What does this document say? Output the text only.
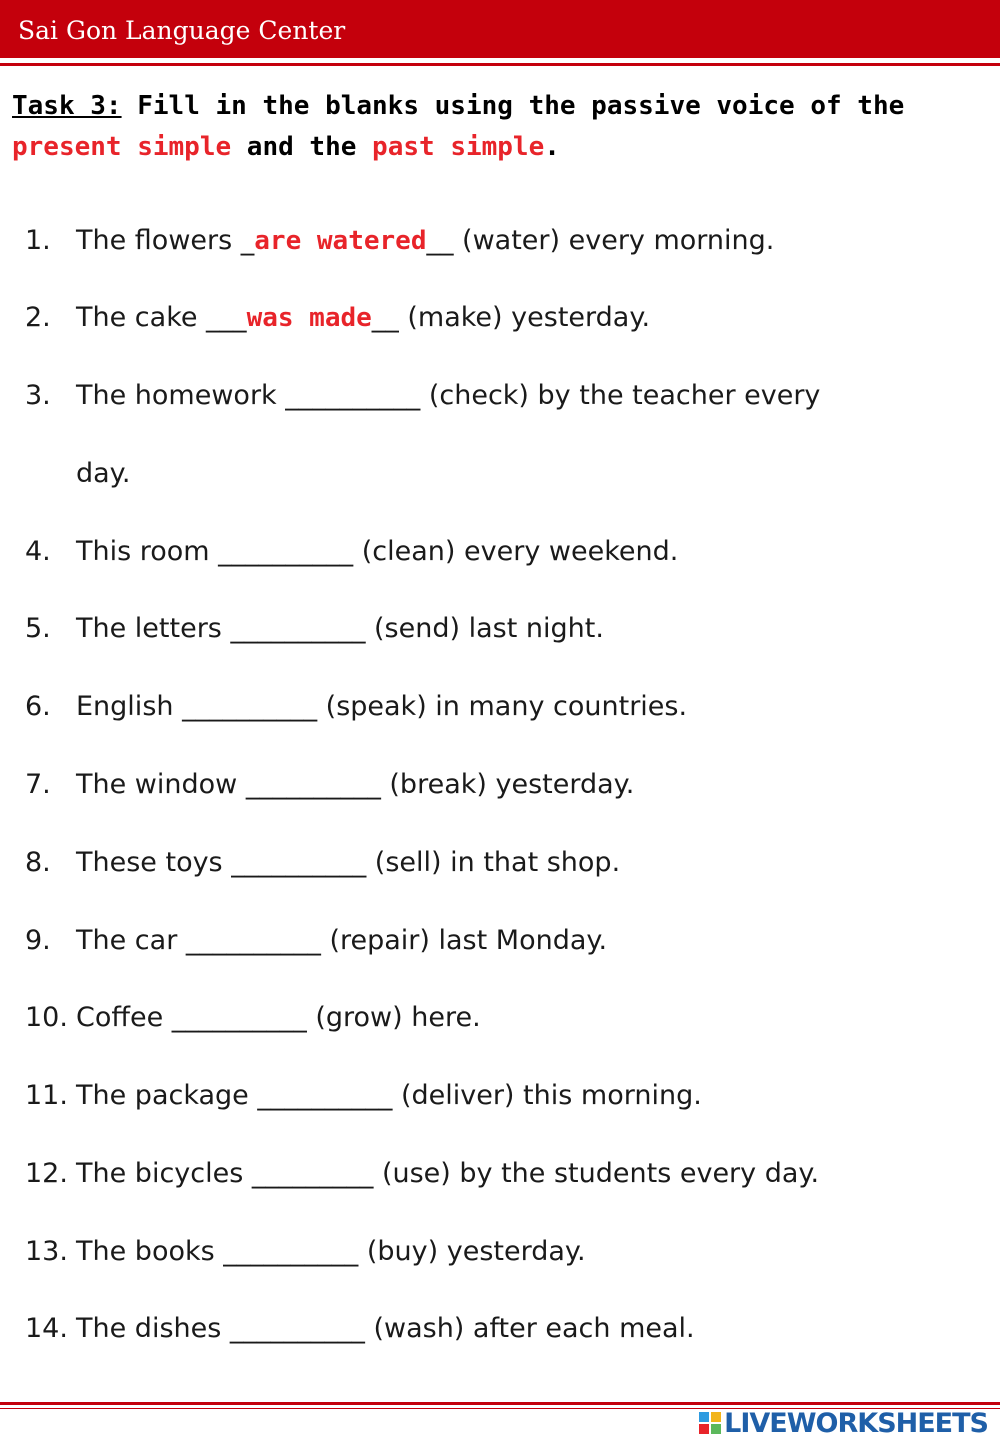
Sai Gon Language Center
Task 3: Fill in the blanks using the passive voice of the
present simple and the past simple.
1. The flowers _are watered__ (water) every morning.
2. The cake ___was made__ (make) yesterday.
3. The homework __________ (check) by the teacher every
day.
4. This room __________ (clean) every weekend.
5. The letters __________ (send) last night.
6. English __________ (speak) in many countries.
7. The window __________ (break) yesterday.
8. These toys __________ (sell) in that shop.
9. The car __________ (repair) last Monday.
10. Coffee __________ (grow) here.
11. The package __________ (deliver) this morning.
12. The bicycles _________ (use) by the students every day.
13. The books __________ (buy) yesterday.
14. The dishes __________ (wash) after each meal.
LIVEWORKSHEETS
